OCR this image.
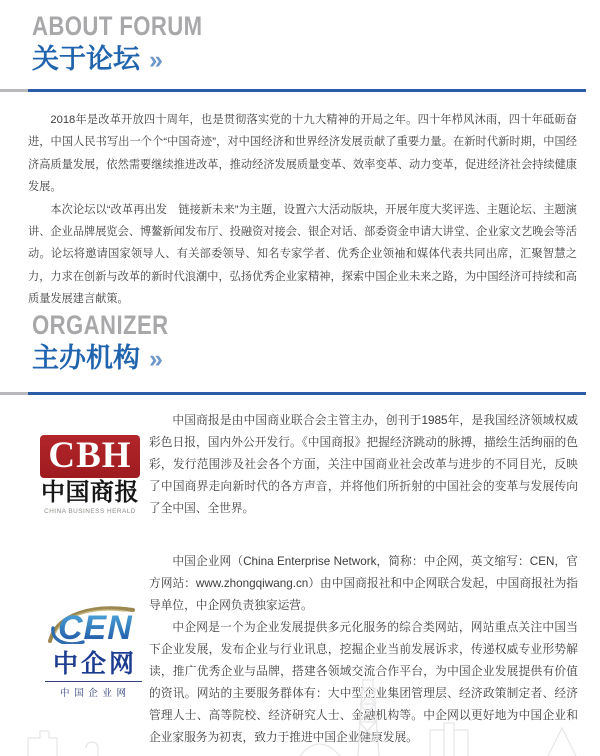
ABOUT FORUM
关于论坛 »

2018年是改革开放四十周年，也是贯彻落实党的十九大精神的开局之年。四十年栉风沐雨，四十年砥砺奋进，中国人民书写出一个个“中国奇迹”，对中国经济和世界经济发展贡献了重要力量。在新时代新时期，中国经济高质量发展，依然需要继续推进改革，推动经济发展质量变革、效率变革、动力变革，促进经济社会持续健康发展。

本次论坛以“改革再出发　链接新未来”为主题，设置六大活动版块，开展年度大奖评选、主题论坛、主题演讲、企业品牌展览会、博鳌新闻发布厅、投融资对接会、银企对话、部委资金申请大讲堂、企业家文艺晚会等活动。论坛将邀请国家领导人、有关部委领导、知名专家学者、优秀企业领袖和媒体代表共同出席，汇聚智慧之力，力求在创新与改革的新时代浪潮中，弘扬优秀企业家精神，探索中国企业未来之路，为中国经济可持续和高质量发展建言献策。

ORGANIZER
主办机构 »
CBH
中国商报
CHINA BUSINESS HERALD

中国商报是由中国商业联合会主管主办，创刊于1985年，是我国经济领域权威彩色日报，国内外公开发行。《中国商报》把握经济跳动的脉搏，描绘生活绚丽的色彩，发行范围涉及社会各个方面，关注中国商业社会改革与进步的不同目光，反映了中国商界走向新时代的各方声音，并将他们所折射的中国社会的变革与发展传向了全中国、全世界。

CEN
中企网
中 国 企 业 网

中国企业网（China Enterprise Network，简称：中企网，英文缩写：CEN，官方网站：www.zhongqiwang.cn）由中国商报社和中企网联合发起，中国商报社为指导单位，中企网负责独家运营。

中企网是一个为企业发展提供多元化服务的综合类网站，网站重点关注中国当下企业发展，发布企业与行业讯息，挖掘企业当前发展诉求，传递权威专业形势解读，推广优秀企业与品牌，搭建各领域交流合作平台，为中国企业发展提供有价值的资讯。网站的主要服务群体有：大中型企业集团管理层、经济政策制定者、经济管理人士、高等院校、经济研究人士、金融机构等。中企网以更好地为中国企业和企业家服务为初衷，致力于推进中国企业健康发展。
